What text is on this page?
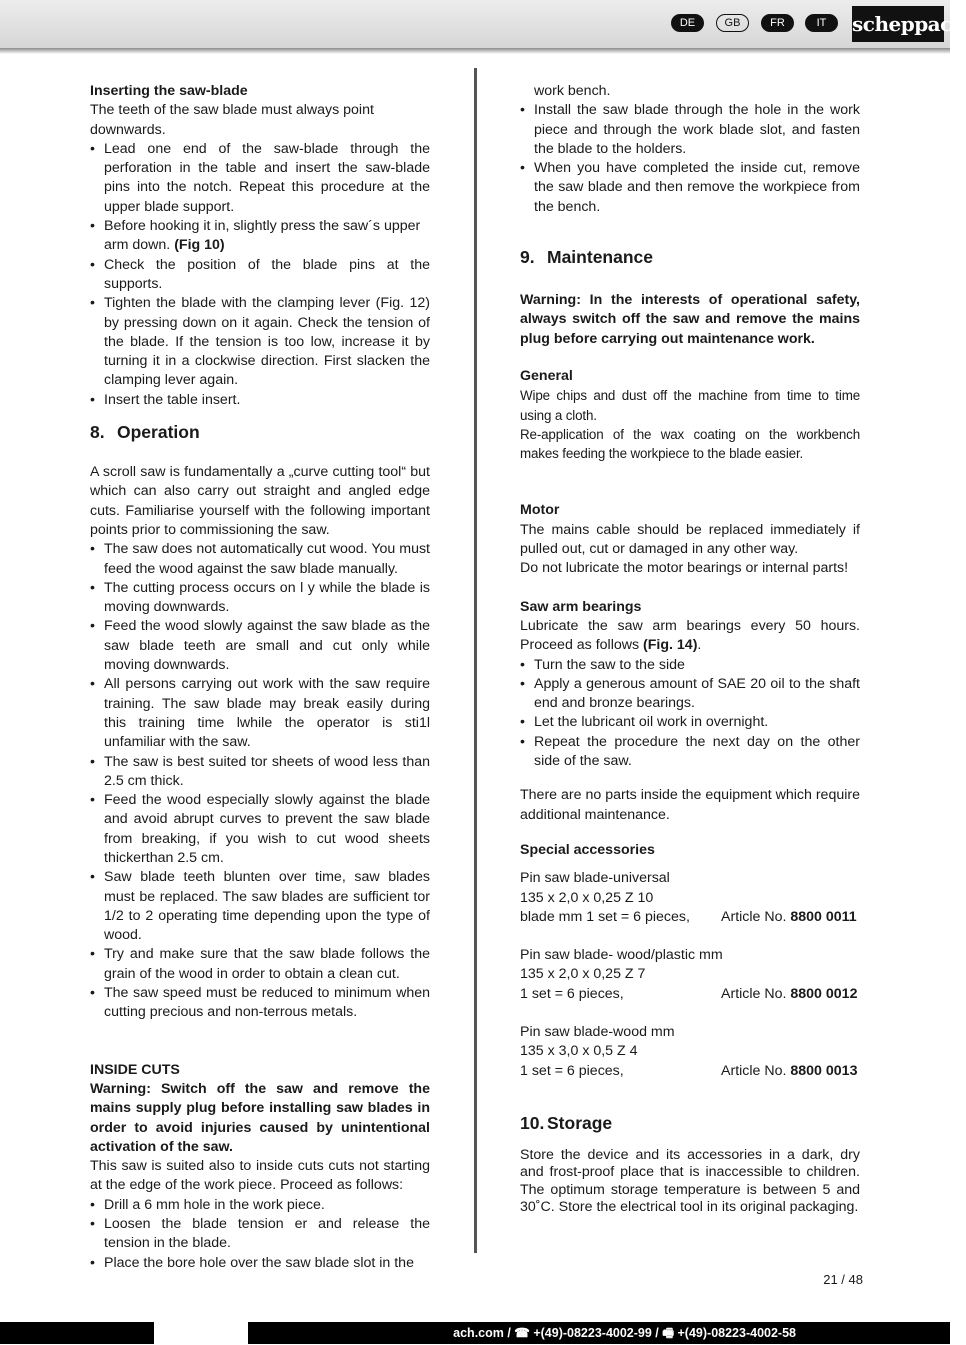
DE	GB	FR	IT	scheppach
Inserting the saw-blade

The teeth of the saw blade must always point downwards.

• Lead one end of the saw-blade through the perforation in the table and insert the saw-blade pins into the notch. Repeat this procedure at the upper blade support.
• Before hooking it in, slightly press the saw´s upper arm down. (Fig 10)
• Check the position of the blade pins at the supports.
• Tighten the blade with the clamping lever (Fig. 12) by pressing down on it again. Check the tension of the blade. If the tension is too low, increase it by turning it in a clockwise direction. First slacken the clamping lever again.
• Insert the table insert.
8. Operation

A scroll saw is fundamentally a „curve cutting tool“ but which can also carry out straight and angled edge cuts. Familiarise yourself with the following important points prior to commissioning the saw.

• The saw does not automatically cut wood. You must feed the wood against the saw blade manually.
• The cutting process occurs on l y while the blade is moving downwards.
• Feed the wood slowly against the saw blade as the saw blade teeth are small and cut only while moving downwards.
• All persons carrying out work with the saw require training. The saw blade may break easily during this training time lwhile the operator is sti1l unfamiliar with the saw.
• The saw is best suited tor sheets of wood less than 2.5 cm thick.
• Feed the wood especially slowly against the blade and avoid abrupt curves to prevent the saw blade from breaking, if you wish to cut wood sheets thickerthan 2.5 cm.
• Saw blade teeth blunten over time, saw blades must be replaced. The saw blades are sufficient tor 1/2 to 2 operating time depending upon the type of wood.
• Try and make sure that the saw blade follows the grain of the wood in order to obtain a clean cut.
• The saw speed must be reduced to minimum when cutting precious and non-terrous metals.
INSIDE CUTS

Warning: Switch off the saw and remove the mains supply plug before installing saw blades in order to avoid injuries caused by unintentional activation of the saw.

This saw is suited also to inside cuts cuts not starting at the edge of the work piece. Proceed as follows:

• Drill a 6 mm hole in the work piece.
• Loosen the blade tension er and release the tension in the blade.
• Place the bore hole over the saw blade slot in the
work bench.
• Install the saw blade through the hole in the work piece and through the work blade slot, and fasten the blade to the holders.
• When you have completed the inside cut, remove the saw blade and then remove the workpiece from the bench.
9. Maintenance

Warning: In the interests of operational safety, always switch off the saw and remove the mains plug before carrying out maintenance work.

General

Wipe chips and dust off the machine from time to time using a cloth.

Re-application of the wax coating on the workbench makes feeding the workpiece to the blade easier.

Motor

The mains cable should be replaced immediately if pulled out, cut or damaged in any other way.

Do not lubricate the motor bearings or internal parts!

Saw arm bearings

Lubricate the saw arm bearings every 50 hours. Proceed as follows (Fig. 14).

• Turn the saw to the side
• Apply a generous amount of SAE 20 oil to the shaft end and bronze bearings.
• Let the lubricant oil work in overnight.
• Repeat the procedure the next day on the other side of the saw.

There are no parts inside the equipment which require additional maintenance.

Special accessories
Pin saw blade-universal
135 x 2,0 x 0,25 Z 10
blade mm 1 set = 6 pieces, Article No. 8800 0011
Pin saw blade- wood/plastic mm
135 x 2,0 x 0,25 Z 7
1 set = 6 pieces,	Article No. 8800 0012
Pin saw blade-wood mm
135 x 3,0 x 0,5 Z 4
1 set = 6 pieces,	Article No. 8800 0013
10. Storage

Store the device and its accessories in a dark, dry and frost-proof place that is inaccessible to children. The optimum storage temperature is between 5 and 30˚C. Store the electrical tool in its original packaging.

21 / 48
ach.com / ☎ +(49)-08223-4002-99 / 🖷 +(49)-08223-4002-58
